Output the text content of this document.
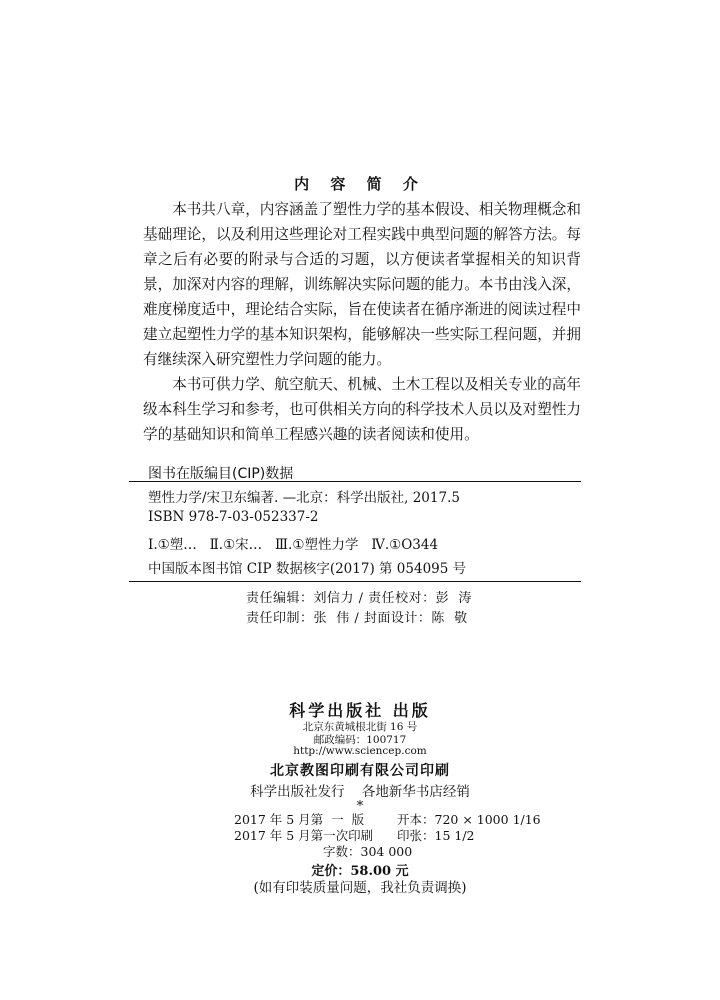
内 容 简 介

本书共八章，内容涵盖了塑性力学的基本假设、相关物理概念和基础理论，以及利用这些理论对工程实践中典型问题的解答方法。每章之后有必要的附录与合适的习题，以方便读者掌握相关的知识背景，加深对内容的理解，训练解决实际问题的能力。本书由浅入深，难度梯度适中，理论结合实际，旨在使读者在循序渐进的阅读过程中建立起塑性力学的基本知识架构，能够解决一些实际工程问题，并拥有继续深入研究塑性力学问题的能力。

本书可供力学、航空航天、机械、土木工程以及相关专业的高年级本科生学习和参考，也可供相关方向的科学技术人员以及对塑性力学的基础知识和简单工程感兴趣的读者阅读和使用。

图书在版编目(CIP)数据
塑性力学/宋卫东编著. —北京：科学出版社, 2017.5
ISBN 978-7-03-052337-2
Ⅰ.①塑…   Ⅱ.①宋…   Ⅲ.①塑性力学   Ⅳ.①O344
中国版本图书馆 CIP 数据核字(2017) 第 054095 号
责任编辑：刘信力 / 责任校对：彭  涛
责任印制：张  伟 / 封面设计：陈  敬
科学出版社 出版
北京东黄城根北街 16 号
邮政编码：100717
http://www.sciencep.com
北京教图印刷有限公司印刷
科学出版社发行    各地新华书店经销
*
2017 年 5 月第  一  版	开本：720 × 1000 1/16
2017 年 5 月第一次印刷 印张：15 1/2
字数：304 000
定价：58.00 元
(如有印装质量问题，我社负责调换)
